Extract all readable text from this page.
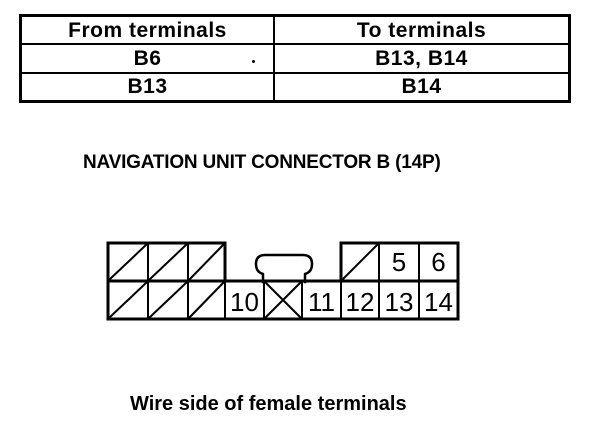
From terminals	To terminals
B6	B13, B14
B13	B14
NAVIGATION UNIT CONNECTOR B (14P)
5 6
10 11 12 13 14
Wire side of female terminals
